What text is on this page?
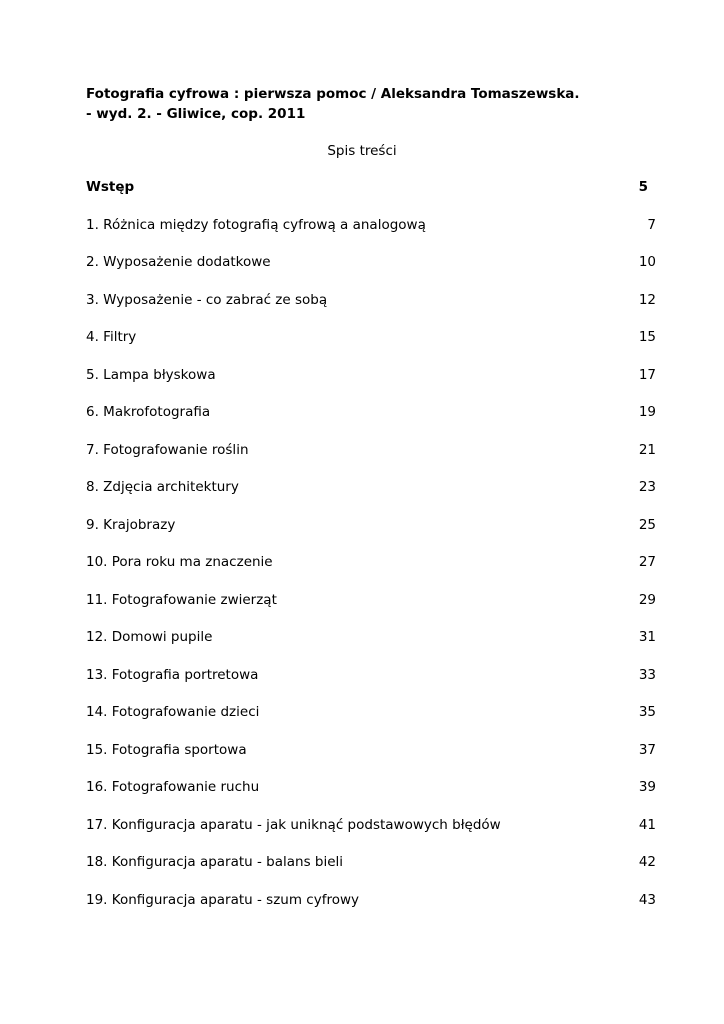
Fotografia cyfrowa : pierwsza pomoc / Aleksandra Tomaszewska.
- wyd. 2. - Gliwice, cop. 2011
Spis treści
Wstęp	5
1. Różnica między fotografią cyfrową a analogową	7
2. Wyposażenie dodatkowe	10
3. Wyposażenie - co zabrać ze sobą	12
4. Filtry	15
5. Lampa błyskowa	17
6. Makrofotografia	19
7. Fotografowanie roślin	21
8. Zdjęcia architektury	23
9. Krajobrazy	25
10. Pora roku ma znaczenie	27
11. Fotografowanie zwierząt	29
12. Domowi pupile	31
13. Fotografia portretowa	33
14. Fotografowanie dzieci	35
15. Fotografia sportowa	37
16. Fotografowanie ruchu	39
17. Konfiguracja aparatu - jak uniknąć podstawowych błędów	41
18. Konfiguracja aparatu - balans bieli	42
19. Konfiguracja aparatu - szum cyfrowy	43
